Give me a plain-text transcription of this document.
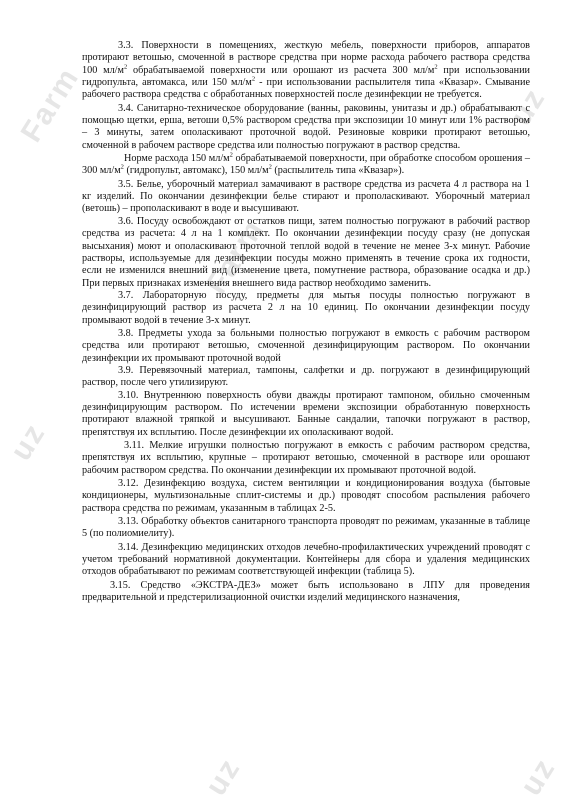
Farm	uz
Farm
uz
uz	uz

3.3. Поверхности в помещениях, жесткую мебель, поверхности приборов, аппаратов протирают ветошью, смоченной в растворе средства при норме расхода рабочего раствора средства 100 $мл/м^2$ обрабатываемой поверхности или орошают из расчета 300 $мл/м^2$ при использовании гидропульта, автомакса, или 150 $мл/м^2$ - при использовании распылителя типа «Квазар». Смывание рабочего раствора средства с обработанных поверхностей после дезинфекции не требуется.

3.4. Санитарно-техническое оборудование (ванны, раковины, унитазы и др.) обрабатывают с помощью щетки, ерша, ветоши 0,5% раствором средства при экспозиции 10 минут или 1% раствором – 3 минуты, затем ополаскивают проточной водой. Резиновые коврики протирают ветошью, смоченной в рабочем растворе средства или полностью погружают в раствор средства.

Норме расхода 150 $мл/м^2$ обрабатываемой поверхности, при обработке способом орошения – 300 $мл/м^2$ (гидропульт, автомакс), 150 $мл/м^2$ (распылитель типа «Квазар»).

3.5. Белье, уборочный материал замачивают в растворе средства из расчета 4 л раствора на 1 кг изделий. По окончании дезинфекции белье стирают и прополаскивают. Уборочный материал (ветошь) – прополаскивают в воде и высушивают.

3.6. Посуду освобождают от остатков пищи, затем полностью погружают в рабочий раствор средства из расчета: 4 л на 1 комплект. По окончании дезинфекции посуду сразу (не допуская высыхания) моют и ополаскивают проточной теплой водой в течение не менее 3-х минут. Рабочие растворы, используемые для дезинфекции посуды можно применять в течение срока их годности, если не изменился внешний вид (изменение цвета, помутнение раствора, образование осадка и др.) При первых признаках изменения внешнего вида раствор необходимо заменить.

3.7. Лабораторную посуду, предметы для мытья посуды полностью погружают в дезинфицирующий раствор из расчета 2 л на 10 единиц. По окончании дезинфекции посуду промывают водой в течение 3-х минут.

3.8. Предметы ухода за больными полностью погружают в емкость с рабочим раствором средства или протирают ветошью, смоченной дезинфицирующим раствором. По окончании дезинфекции их промывают проточной водой

3.9. Перевязочный материал, тампоны, салфетки и др. погружают в дезинфицирующий раствор, после чего утилизируют.

3.10. Внутреннюю поверхность обуви дважды протирают тампоном, обильно смоченным дезинфицирующим раствором. По истечении времени экспозиции обработанную поверхность протирают влажной тряпкой и высушивают. Банные сандалии, тапочки погружают в раствор, препятствуя их всплытию. После дезинфекции их ополаскивают водой.

3.11. Мелкие игрушки полностью погружают в емкость с рабочим раствором средства, препятствуя их всплытию, крупные – протирают ветошью, смоченной в растворе или орошают рабочим раствором средства. По окончании дезинфекции их промывают проточной водой.

3.12. Дезинфекцию воздуха, систем вентиляции и кондиционирования воздуха (бытовые кондиционеры, мультизональные сплит-системы и др.) проводят способом распыления рабочего раствора средства по режимам, указанным в таблицах 2-5.

3.13. Обработку объектов санитарного транспорта проводят по режимам, указанные в таблице 5 (по полиомиелиту).

3.14. Дезинфекцию медицинских отходов лечебно-профилактических учреждений проводят с учетом требований нормативной документации. Контейнеры для сбора и удаления медицинских отходов обрабатывают по режимам соответствующей инфекции (таблица 5).

3.15. Средство «ЭКСТРА-ДЕЗ» может быть использовано в ЛПУ для проведения предварительной и предстерилизационной очистки изделий медицинского назначения,
